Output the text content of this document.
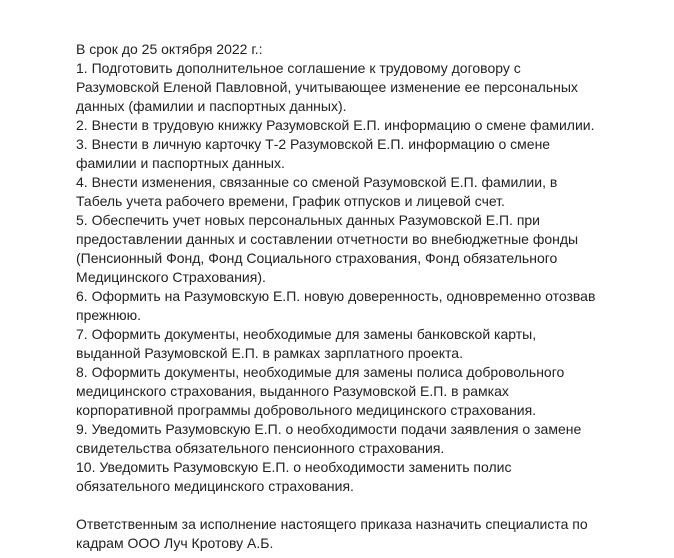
В срок до 25 октября 2022 г.:

1. Подготовить дополнительное соглашение к трудовому договору с

Разумовской Еленой Павловной, учитывающее изменение ее персональных

данных (фамилии и паспортных данных).

2. Внести в трудовую книжку Разумовской Е.П. информацию о смене фамилии.

3. Внести в личную карточку Т-2 Разумовской Е.П. информацию о смене

фамилии и паспортных данных.

4. Внести изменения, связанные со сменой Разумовской Е.П. фамилии, в

Табель учета рабочего времени, График отпусков и лицевой счет.

5. Обеспечить учет новых персональных данных Разумовской Е.П. при

предоставлении данных и составлении отчетности во внебюджетные фонды

(Пенсионный Фонд, Фонд Социального страхования, Фонд обязательного

Медицинского Страхования).

6. Оформить на Разумовскую Е.П. новую доверенность, одновременно отозвав

прежнюю.

7. Оформить документы, необходимые для замены банковской карты,

выданной Разумовской Е.П. в рамках зарплатного проекта.

8. Оформить документы, необходимые для замены полиса добровольного

медицинского страхования, выданного Разумовской Е.П. в рамках

корпоративной программы добровольного медицинского страхования.

9. Уведомить Разумовскую Е.П. о необходимости подачи заявления о замене

свидетельства обязательного пенсионного страхования.

10. Уведомить Разумовскую Е.П. о необходимости заменить полис

обязательного медицинского страхования.

Ответственным за исполнение настоящего приказа назначить специалиста по

кадрам ООО Луч Кротову А.Б.
